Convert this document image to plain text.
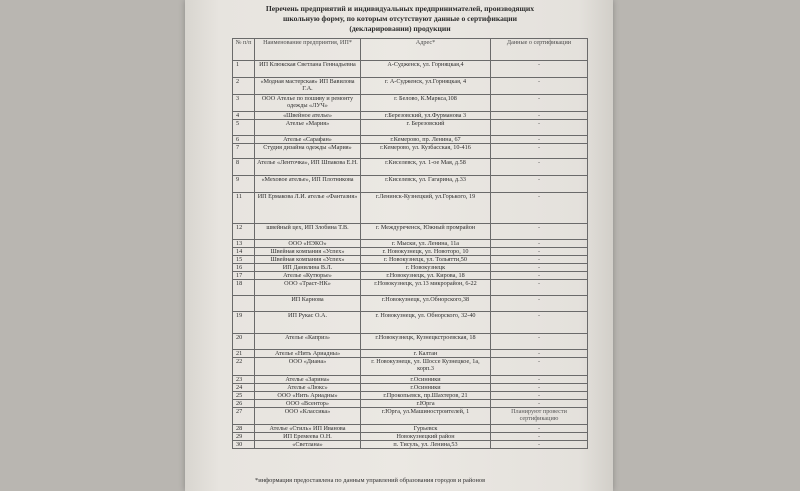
Перечень предприятий и индивидуальных предпринимателей, производящих
школьную форму, по которым отсутствуют данные о сертификации
(декларировании) продукции
№ п/п	Наименование предприятия, ИП*	Адрес*	Данные о сертификации
1	ИП Клюкская Светлана Геннадьевна	А-Судженск, ул. Горняцкая,4	-
2	«Модная мастерская» ИП Вавилова Г.А.	г. А-Судженск, ул.Горняцкая, 4	-
3	ООО Ателье по пошиву и ремонту одежды «ЛУЧ»	г. Белово, К.Маркса,108	-
4	«Швейное ателье»	г.Березовский, ул.Фурманова 3	-
5	Ателье «Мария»	г. Березовский	-
6	Ателье «Сарафан»	г.Кемерово, пр. Ленина, 67	-
7	Студия дизайна одежды «Мария»	г.Кемерово, ул. Кузбасская, 10-416	-
8	Ателье «Ленточка», ИП Шпакова Е.Н.	г.Киселевск, ул. 1-ое Мая, д.58	-
9	«Меховое ателье», ИП Плотникова	г.Киселевск, ул. Гагарина, д.33	-
11	ИП Ермакова Л.И. ателье «Фантазия»	г.Ленинск-Кузнецкий, ул.Горького, 19	-
12	швейный цех, ИП Злобина Т.В.	г. Междуреченск, Южный промрайон	-
13	ООО «НЭКО»	г. Мыски, ул. Ленина, 11а	-
14	Швейная компания «Успех»	г. Новокузнецк, ул. Новоторо, 10	-
15	Швейная компания «Успех»	г. Новокузнецк, ул. Тольятти,50	-
16	ИП Данилина В.Л.	г. Новокузнецк	-
17	Ателье «Кутюрье»	г.Новокузнецк, ул. Кирова, 18	-
18	ООО «Траст-НК»	г.Новокузнецк, ул.13 микрорайон, 6-22	-
	ИП Карнова	г.Новокузнецк, ул.Обнорского,38	-
19	ИП Рукас О.А.	г. Новокузнецк, ул. Обнорского, 32-40	-
20	Ателье «Каприз»	г.Новокузнецк, Кузнецкстроевская, 18	-
21	Ателье «Нить Ариадны»	г. Калтан	-
22	ООО «Диана»	г. Новокузнецк, ул. Шоссе Кузнецкое, 1а, корп.3	-
23	Ателье «Зарина»	г.Осинники	-
24	Ателье «Люкс»	г.Осинники	-
25	ООО «Нить Ариадны»	г.Прокопьевск, пр.Шахтеров, 21	-
26	ООО «Всентор»	г.Юрга	-
27	ООО «Классика»	г.Юрга, ул.Машиностроителей, 1	Планируют провести сертификацию
28	Ателье «Стиль» ИП Иванова	Гурьевск	-
29	ИП Еремеева О.Н.	Новокузнецкий район	-
30	«Светлана»	п. Тисуль, ул. Ленина,53	-
*информация предоставлена по данным управлений образования городов и районов
